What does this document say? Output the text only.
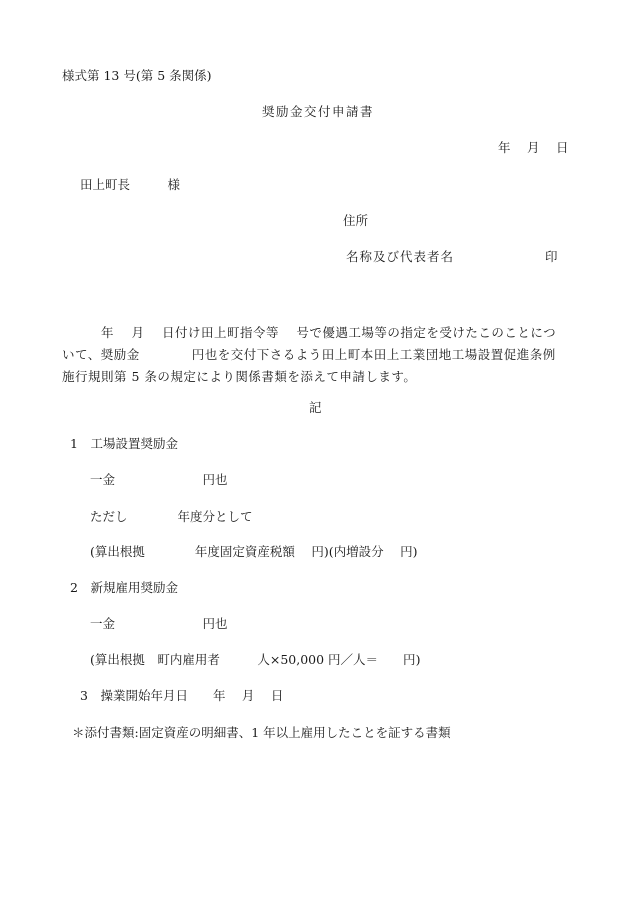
様式第 13 号(第 5 条関係)
奨励金交付申請書
年　 月　 日
田上町長　　　様
住所
名称及び代表者名	印
　　　年　 月　 日付け田上町指令等　 号で優遇工場等の指定を受けたこのことにつ
いて、奨励金　　　　円也を交付下さるよう田上町本田上工業団地工場設置促進条例
施行規則第 5 条の規定により関係書類を添えて申請します。
記
1　工場設置奨励金
一金　　　　　　　円也
ただし　　　　年度分として
(算出根拠　　　　年度固定資産税額　 円)(内増設分　 円)
2　新規雇用奨励金
一金　　　　　　　円也
(算出根拠　町内雇用者　　　人×50,000 円／人＝　　円)
3　操業開始年月日　　年　 月　 日
＊添付書類:固定資産の明細書、1 年以上雇用したことを証する書類
